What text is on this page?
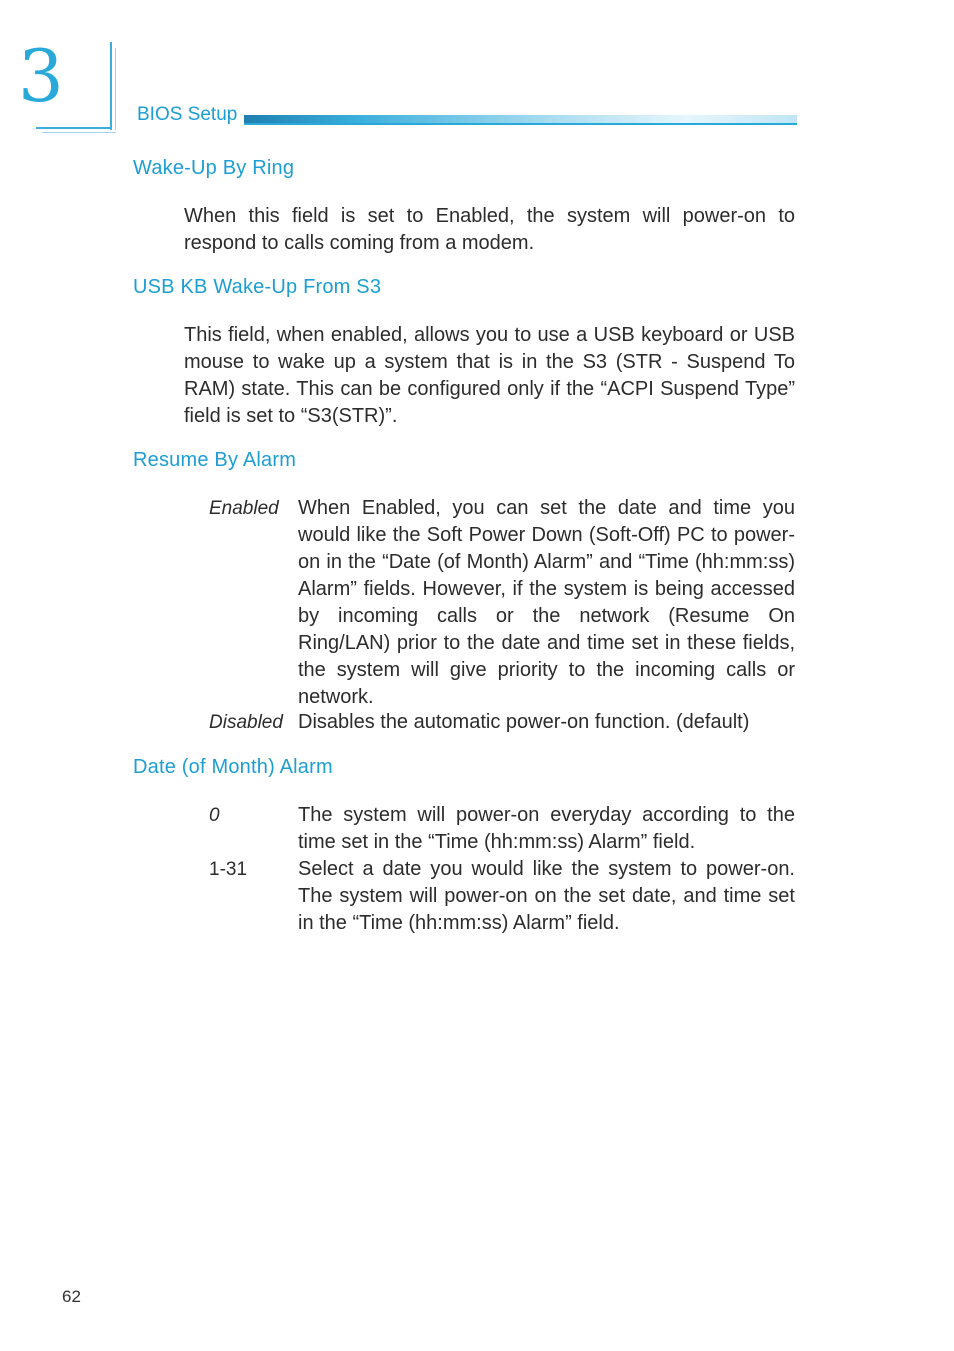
3	BIOS Setup
Wake-Up By Ring
When this field is set to Enabled, the system will power-on to respond to calls coming from a modem.
USB KB Wake-Up From S3
This field, when enabled, allows you to use a USB keyboard or USB mouse to wake up a system that is in the S3 (STR - Suspend To RAM) state. This can be configured only if the “ACPI Suspend Type” field is set to “S3(STR)”.
Resume By Alarm
Enabled When Enabled, you can set the date and time you would like the Soft Power Down (Soft-Off) PC to power-on in the “Date (of Month) Alarm” and “Time (hh:mm:ss) Alarm” fields. However, if the system is being accessed by incoming calls or the network (Resume On Ring/LAN) prior to the date and time set in these fields, the system will give priority to the incoming calls or network.
Disabled Disables the automatic power-on function. (default)
Date (of Month) Alarm
0	The system will power-on everyday according to the time set in the “Time (hh:mm:ss) Alarm” field.
1-31	Select a date you would like the system to power-on. The system will power-on on the set date, and time set in the “Time (hh:mm:ss) Alarm” field.
62
